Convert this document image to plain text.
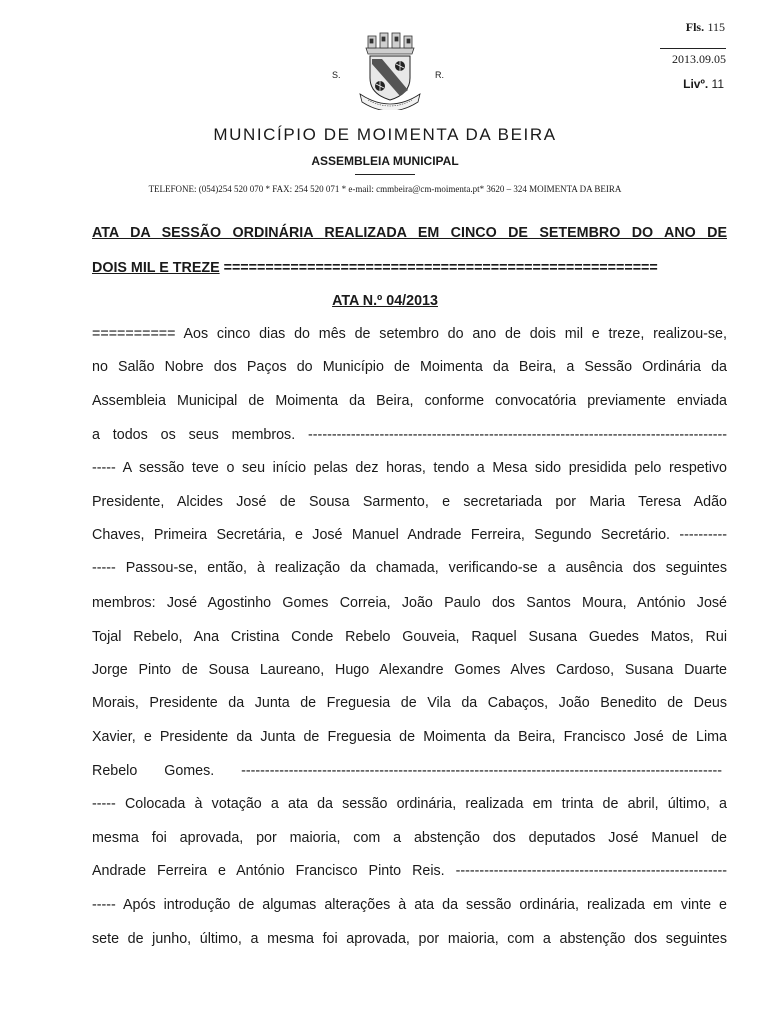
Fls. 115
2013.09.05
Livº. 11
S.	R.
MUNICÍPIO DE MOIMENTA DA BEIRA
ASSEMBLEIA MUNICIPAL
TELEFONE: (054)254 520 070 * FAX: 254 520 071 * e-mail: cmmbeira@cm-moimenta.pt* 3620 – 324 MOIMENTA DA BEIRA
ATA DA SESSÃO ORDINÁRIA REALIZADA EM CINCO DE SETEMBRO DO ANO DE
DOIS MIL E TREZE ====================================================
ATA N.º 04/2013
========== Aos cinco dias do mês de setembro do ano de dois mil e treze, realizou-se,
no Salão Nobre dos Paços do Município de Moimenta da Beira, a Sessão Ordinária da
Assembleia Municipal de Moimenta da Beira, conforme convocatória previamente enviada
a todos os seus membros. ----------------------------------------------------------------------------------------
----- A sessão teve o seu início pelas dez horas, tendo a Mesa sido presidida pelo respetivo
Presidente, Alcides José de Sousa Sarmento, e secretariada por Maria Teresa Adão
Chaves, Primeira Secretária, e José Manuel Andrade Ferreira, Segundo Secretário. ----------
----- Passou-se, então, à realização da chamada, verificando-se a ausência dos seguintes
membros: José Agostinho Gomes Correia, João Paulo dos Santos Moura, António José
Tojal Rebelo, Ana Cristina Conde Rebelo Gouveia, Raquel Susana Guedes Matos, Rui
Jorge Pinto de Sousa Laureano, Hugo Alexandre Gomes Alves Cardoso, Susana Duarte
Morais, Presidente da Junta de Freguesia de Vila da Cabaços, João Benedito de Deus
Xavier, e Presidente da Junta de Freguesia de Moimenta da Beira, Francisco José de Lima
Rebelo Gomes. -----------------------------------------------------------------------------------------------------
----- Colocada à votação a ata da sessão ordinária, realizada em trinta de abril, último, a
mesma foi aprovada, por maioria, com a abstenção dos deputados José Manuel de
Andrade Ferreira e António Francisco Pinto Reis. ---------------------------------------------------------
----- Após introdução de algumas alterações à ata da sessão ordinária, realizada em vinte e
sete de junho, último, a mesma foi aprovada, por maioria, com a abstenção dos seguintes
